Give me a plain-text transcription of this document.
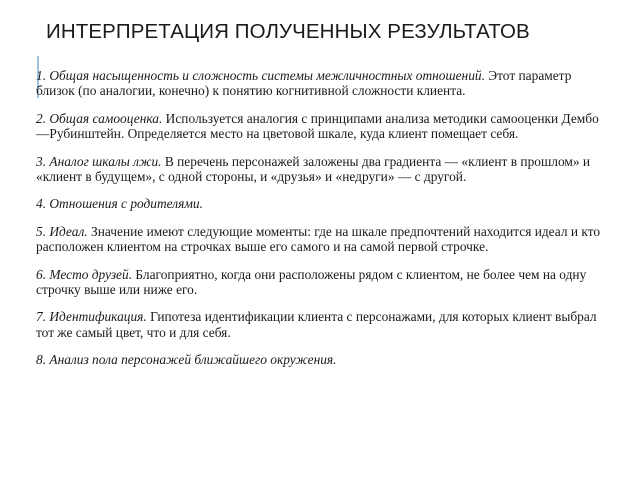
ИНТЕРПРЕТАЦИЯ ПОЛУЧЕННЫХ РЕЗУЛЬТАТОВ

1. Общая насыщенность и сложность системы межличностных отношений. Этот параметр близок (по аналогии, конечно) к понятию когнитивной сложности клиента.

2. Общая самооценка. Используется аналогия с принципами анализа методики самооценки Дембо—Рубинштейн. Определяется место на цветовой шкале, куда клиент помещает себя.

3. Аналог шкалы лжи. В перечень персонажей заложены два градиента — «клиент в прошлом» и «клиент в будущем», с одной стороны, и «друзья» и «недруги» — с другой.

4. Отношения с родителями.

5. Идеал. Значение имеют следующие моменты: где на шкале предпочтений находится идеал и кто расположен клиентом на строчках выше его самого и на самой первой строчке.

6. Место друзей. Благоприятно, когда они расположены рядом с клиентом, не более чем на одну строчку выше или ниже его.

7. Идентификация. Гипотеза идентификации клиента с персонажами, для которых клиент выбрал тот же самый цвет, что и для себя.

8. Анализ пола персонажей ближайшего окружения.
